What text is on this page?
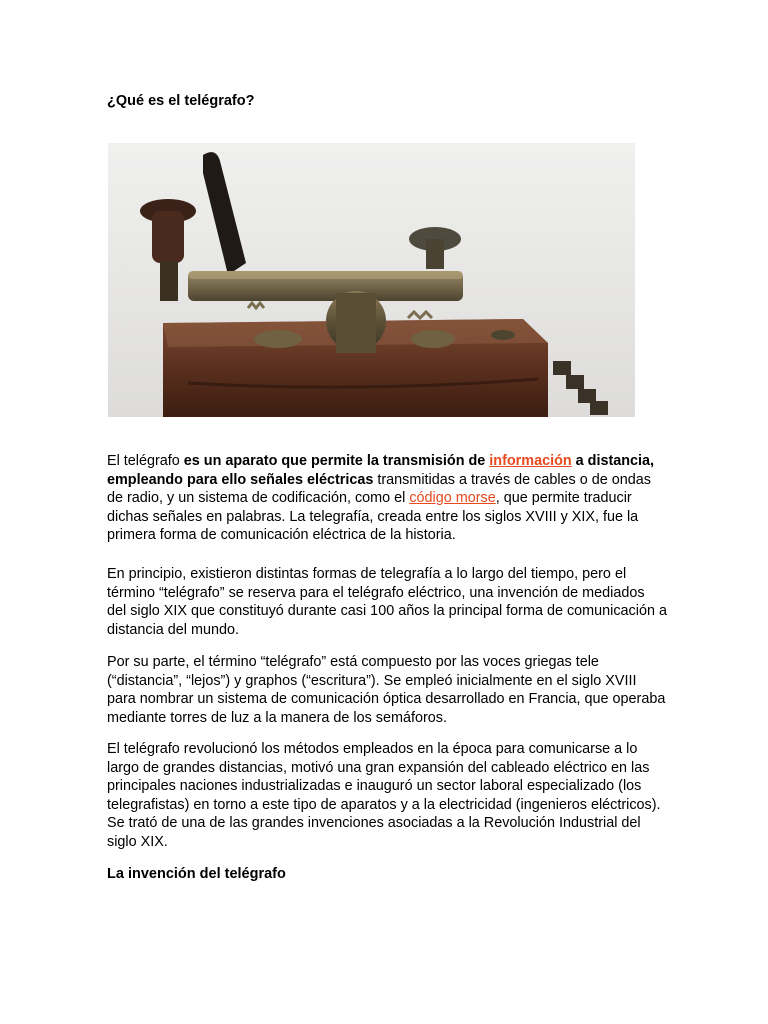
¿Qué es el telégrafo?

El telégrafo es un aparato que permite la transmisión de información a distancia, empleando para ello señales eléctricas transmitidas a través de cables o de ondas de radio, y un sistema de codificación, como el código morse, que permite traducir dichas señales en palabras. La telegrafía, creada entre los siglos XVIII y XIX, fue la primera forma de comunicación eléctrica de la historia.

En principio, existieron distintas formas de telegrafía a lo largo del tiempo, pero el término “telégrafo” se reserva para el telégrafo eléctrico, una invención de mediados del siglo XIX que constituyó durante casi 100 años la principal forma de comunicación a distancia del mundo.

Por su parte, el término “telégrafo” está compuesto por las voces griegas tele (“distancia”, “lejos”) y graphos (“escritura”). Se empleó inicialmente en el siglo XVIII para nombrar un sistema de comunicación óptica desarrollado en Francia, que operaba mediante torres de luz a la manera de los semáforos.

El telégrafo revolucionó los métodos empleados en la época para comunicarse a lo largo de grandes distancias, motivó una gran expansión del cableado eléctrico en las principales naciones industrializadas e inauguró un sector laboral especializado (los telegrafistas) en torno a este tipo de aparatos y a la electricidad (ingenieros eléctricos). Se trató de una de las grandes invenciones asociadas a la Revolución Industrial del siglo XIX.

La invención del telégrafo
